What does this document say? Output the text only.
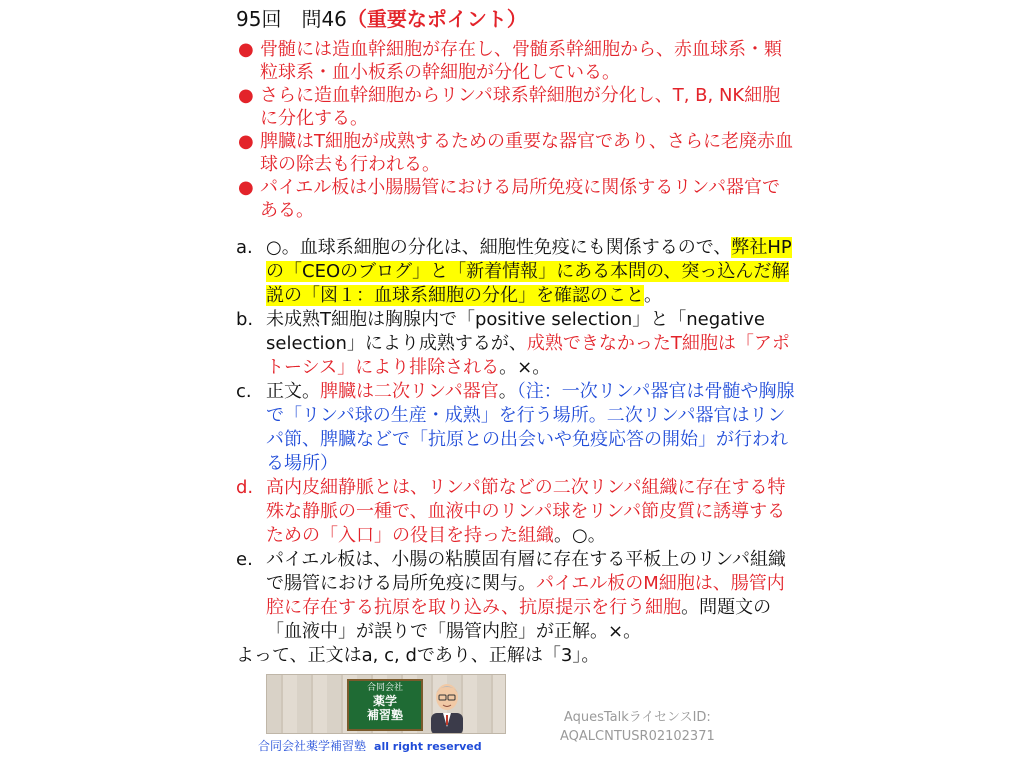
95回　問46（重要なポイント）
● 骨髄には造血幹細胞が存在し、骨髄系幹細胞から、赤血球系・顆粒球系・血小板系の幹細胞が分化している。
● さらに造血幹細胞からリンパ球系幹細胞が分化し、T, B, NK細胞に分化する。
● 脾臓はT細胞が成熟するための重要な器官であり、さらに老廃赤血球の除去も行われる。
● パイエル板は小腸腸管における局所免疫に関係するリンパ器官である。
a. ○。血球系細胞の分化は、細胞性免疫にも関係するので、弊社HPの「CEOのブログ」と「新着情報」にある本問の、突っ込んだ解説の「図１：血球系細胞の分化」を確認のこと。
b. 未成熟T細胞は胸腺内で「positive selection」と「negative selection」により成熟するが、成熟できなかったT細胞は「アポトーシス」により排除される。×。
c. 正文。脾臓は二次リンパ器官。（注：一次リンパ器官は骨髄や胸腺で「リンパ球の生産・成熟」を行う場所。二次リンパ器官はリンパ節、脾臓などで「抗原との出会いや免疫応答の開始」が行われる場所）
d. 高内皮細静脈とは、リンパ節などの二次リンパ組織に存在する特殊な静脈の一種で、血液中のリンパ球をリンパ節皮質に誘導するための「入口」の役目を持った組織。○。
e. パイエル板は、小腸の粘膜固有層に存在する平板上のリンパ組織で腸管における局所免疫に関与。パイエル板のM細胞は、腸管内腔に存在する抗原を取り込み、抗原提示を行う細胞。問題文の「血液中」が誤りで「腸管内腔」が正解。×。
よって、正文はa, c, dであり、正解は「3」。
合同会社
薬学
補習塾
合同会社薬学補習塾 all right reserved
AquesTalkライセンスID:
AQALCNTUSR02102371
